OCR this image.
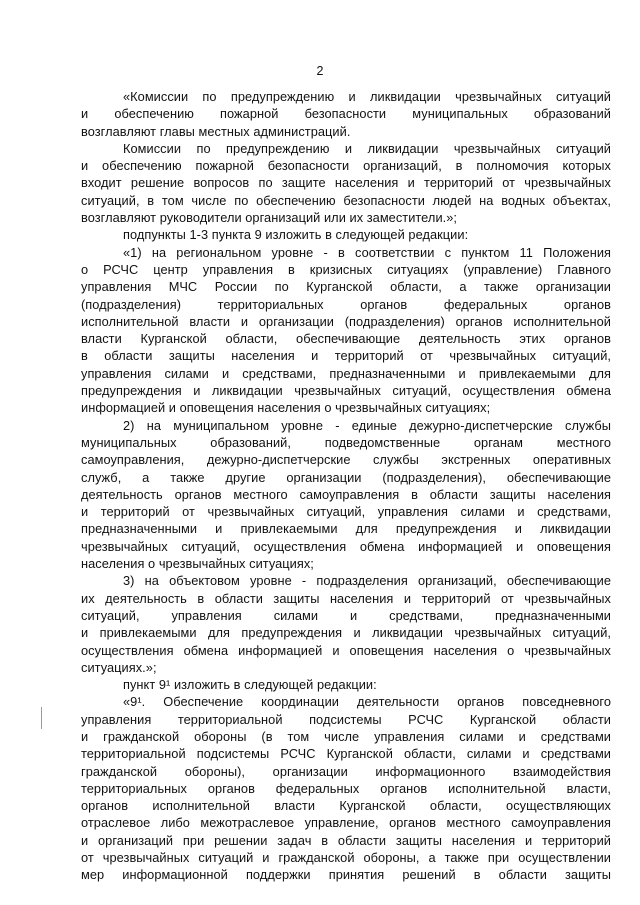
2
«Комиссии по предупреждению и ликвидации чрезвычайных ситуаций
и обеспечению пожарной безопасности муниципальных образований
возглавляют главы местных администраций.
Комиссии по предупреждению и ликвидации чрезвычайных ситуаций
и обеспечению пожарной безопасности организаций, в полномочия которых
входит решение вопросов по защите населения и территорий от чрезвычайных
ситуаций, в том числе по обеспечению безопасности людей на водных объектах,
возглавляют руководители организаций или их заместители.»;
подпункты 1-3 пункта 9 изложить в следующей редакции:
«1) на региональном уровне - в соответствии с пунктом 11 Положения
о РСЧС центр управления в кризисных ситуациях (управление) Главного
управления МЧС России по Курганской области, а также организации
(подразделения) территориальных органов федеральных органов
исполнительной власти и организации (подразделения) органов исполнительной
власти Курганской области, обеспечивающие деятельность этих органов
в области защиты населения и территорий от чрезвычайных ситуаций,
управления силами и средствами, предназначенными и привлекаемыми для
предупреждения и ликвидации чрезвычайных ситуаций, осуществления обмена
информацией и оповещения населения о чрезвычайных ситуациях;
2) на муниципальном уровне - единые дежурно-диспетчерские службы
муниципальных образований, подведомственные органам местного
самоуправления, дежурно-диспетчерские службы экстренных оперативных
служб, а также другие организации (подразделения), обеспечивающие
деятельность органов местного самоуправления в области защиты населения
и территорий от чрезвычайных ситуаций, управления силами и средствами,
предназначенными и привлекаемыми для предупреждения и ликвидации
чрезвычайных ситуаций, осуществления обмена информацией и оповещения
населения о чрезвычайных ситуациях;
3) на объектовом уровне - подразделения организаций, обеспечивающие
их деятельность в области защиты населения и территорий от чрезвычайных
ситуаций, управления силами и средствами, предназначенными
и привлекаемыми для предупреждения и ликвидации чрезвычайных ситуаций,
осуществления обмена информацией и оповещения населения о чрезвычайных
ситуациях.»;
пункт 9¹ изложить в следующей редакции:
«9¹. Обеспечение координации деятельности органов повседневного
управления территориальной подсистемы РСЧС Курганской области
и гражданской обороны (в том числе управления силами и средствами
территориальной подсистемы РСЧС Курганской области, силами и средствами
гражданской обороны), организации информационного взаимодействия
территориальных органов федеральных органов исполнительной власти,
органов исполнительной власти Курганской области, осуществляющих
отраслевое либо межотраслевое управление, органов местного самоуправления
и организаций при решении задач в области защиты населения и территорий
от чрезвычайных ситуаций и гражданской обороны, а также при осуществлении
мер информационной поддержки принятия решений в области защиты
